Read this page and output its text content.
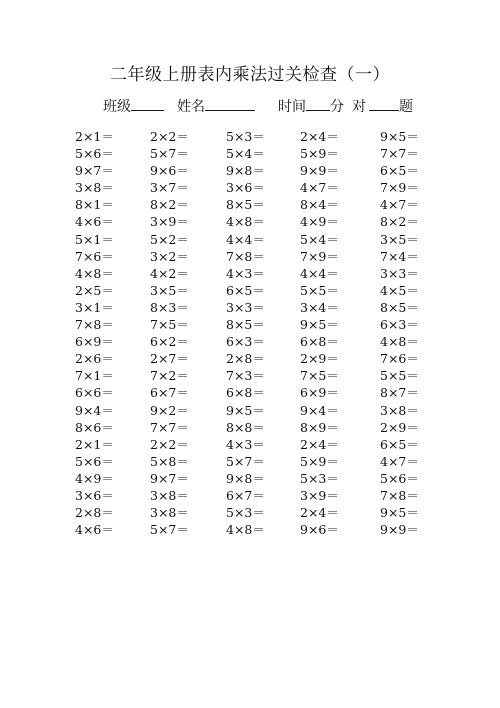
二年级上册表内乘法过关检查（一）
班级	姓名	时间 分 对 题
2×1＝	2×2＝	5×3＝	2×4＝	9×5＝
5×6＝	5×7＝	5×4＝	5×9＝	7×7＝
9×7＝	9×6＝	9×8＝	9×9＝	6×5＝
3×8＝	3×7＝	3×6＝	4×7＝	7×9＝
8×1＝	8×2＝	8×5＝	8×4＝	4×7＝
4×6＝	3×9＝	4×8＝	4×9＝	8×2＝
5×1＝	5×2＝	4×4＝	5×4＝	3×5＝
7×6＝	3×2＝	7×8＝	7×9＝	7×4＝
4×8＝	4×2＝	4×3＝	4×4＝	3×3＝
2×5＝	3×5＝	6×5＝	5×5＝	4×5＝
3×1＝	8×3＝	3×3＝	3×4＝	8×5＝
7×8＝	7×5＝	8×5＝	9×5＝	6×3＝
6×9＝	6×2＝	6×3＝	6×8＝	4×8＝
2×6＝	2×7＝	2×8＝	2×9＝	7×6＝
7×1＝	7×2＝	7×3＝	7×5＝	5×5＝
6×6＝	6×7＝	6×8＝	6×9＝	8×7＝
9×4＝	9×2＝	9×5＝	9×4＝	3×8＝
8×6＝	7×7＝	8×8＝	8×9＝	2×9＝
2×1＝	2×2＝	4×3＝	2×4＝	6×5＝
5×6＝	5×8＝	5×7＝	5×9＝	4×7＝
4×9＝	9×7＝	9×8＝	5×3＝	5×6＝
3×6＝	3×8＝	6×7＝	3×9＝	7×8＝
2×8＝	3×8＝	5×3＝	2×4＝	9×5＝
4×6＝	5×7＝	4×8＝	9×6＝	9×9＝
